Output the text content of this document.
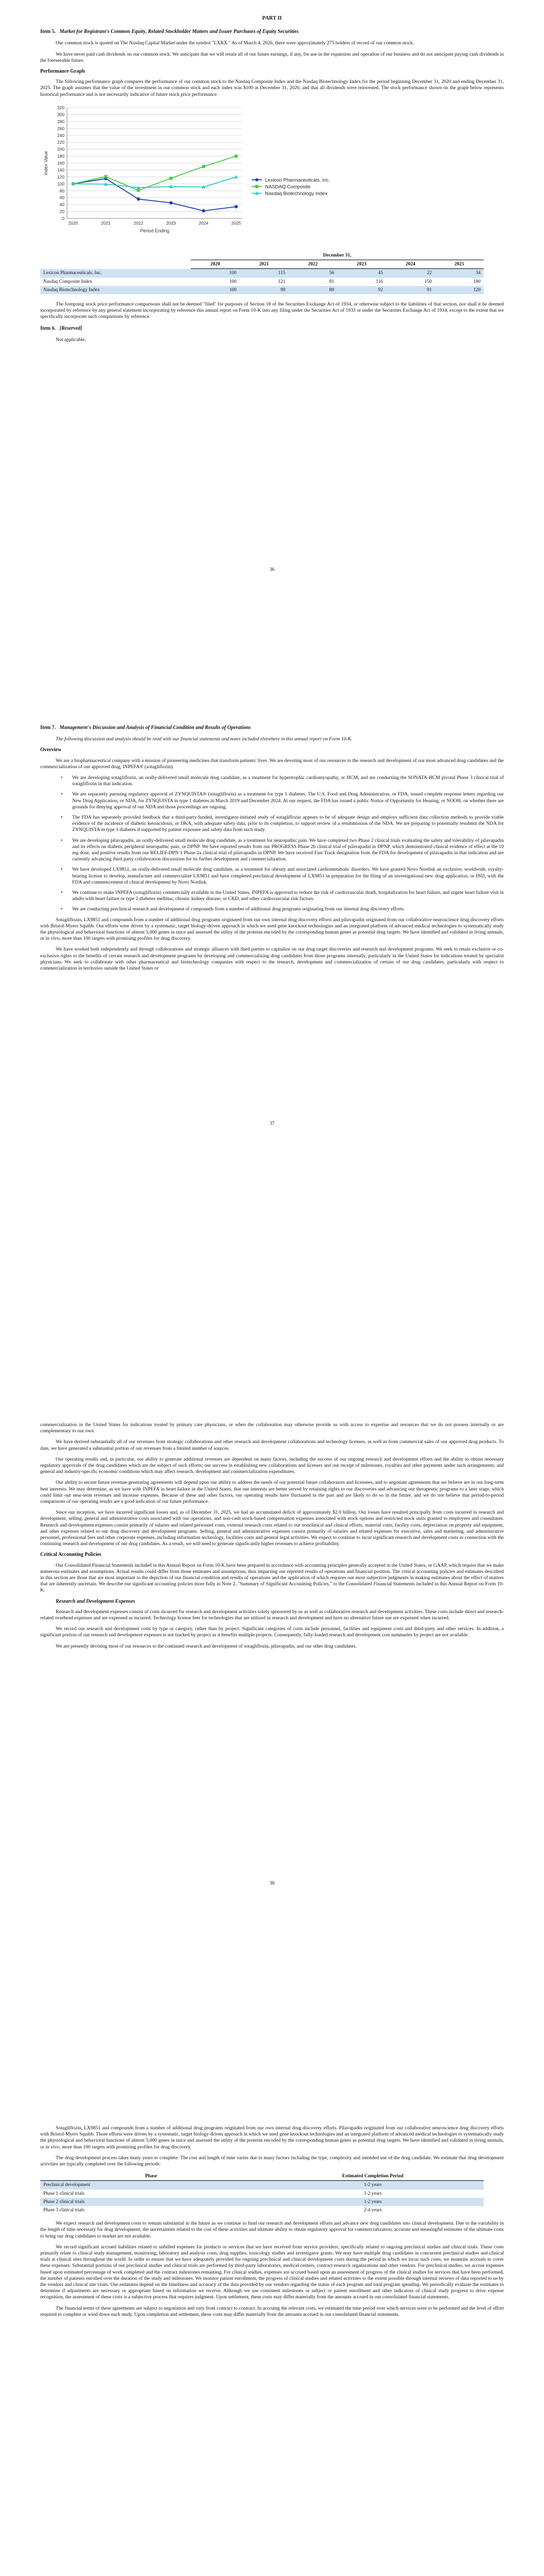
PART II
Item 5. Market for Registrant's Common Equity, Related Stockholder Matters and Issuer Purchases of Equity Securities

Our common stock is quoted on The Nasdaq Capital Market under the symbol "LXRX." As of March 4, 2026, there were approximately 275 holders of record of our common stock.

We have never paid cash dividends on our common stock. We anticipate that we will retain all of our future earnings, if any, for use in the expansion and operation of our business and do not anticipate paying cash dividends in the foreseeable future.

Performance Graph

The following performance graph compares the performance of our common stock to the Nasdaq Composite Index and the Nasdaq Biotechnology Index for the period beginning December 31, 2020 and ending December 31, 2025. The graph assumes that the value of the investment in our common stock and each index was $100 at December 31, 2020, and that all dividends were reinvested. The stock performance shown on the graph below represents historical performance and is not necessarily indicative of future stock price performance.

0
20
40
60
80
100
120
140
160
180
200
220
240
260
280
300
320
2020	2021	2022	2023	2024	2025
Period Ending
Index Value
Lexicon Pharmaceuticals, Inc.
NASDAQ Composite
Nasdaq Biotechnology Index
	December 31,					
	2020	2021	2022	2023	2024	2025
Lexicon Pharmaceuticals, Inc.	100	115	56	45	22	34
Nasdaq Composite Index	100	121	81	116	150	180
Nasdaq Biotechnology Index	100	99	89	92	91	120

The foregoing stock price performance comparisons shall not be deemed "filed" for purposes of Section 18 of the Securities Exchange Act of 1934, or otherwise subject to the liabilities of that section, nor shall it be deemed incorporated by reference by any general statement incorporating by reference this annual report on Form 10-K into any filing under the Securities Act of 1933 or under the Securities Exchange Act of 1934, except to the extent that we specifically incorporate such comparisons by reference.

Item 6. [Reserved]

Not applicable.

36
Item 7. Management's Discussion and Analysis of Financial Condition and Results of Operations

The following discussion and analysis should be read with our financial statements and notes included elsewhere in this annual report on Form 10-K.

Overview

We are a biopharmaceutical company with a mission of pioneering medicines that transform patients' lives. We are devoting most of our resources to the research and development of our most advanced drug candidates and the commercialization of our approved drug, INPEFA® (sotagliflozin).

• We are developing sotagliflozin, an orally-delivered small molecule drug candidate, as a treatment for hypertrophic cardiomyopathy, or HCM, and are conducting the SONATA-HCM pivotal Phase 3 clinical trial of sotagliflozin in that indication.
• We are separately pursuing regulatory approval of ZYNQUISTA® (sotagliflozin) as a treatment for type 1 diabetes. The U.S. Food and Drug Administration, or FDA, issued complete response letters regarding our New Drug Application, or NDA, for ZYNQUISTA in type 1 diabetes in March 2019 and December 2024. At our request, the FDA has issued a public Notice of Opportunity for Hearing, or NOOH, on whether there are grounds for denying approval of our NDA and those proceedings are ongoing.
• The FDA has separately provided feedback that a third-party-funded, investigator-initiated study of sotagliflozin appears to be of adequate design and employs sufficient data collection methods to provide viable evidence of the incidence of diabetic ketoacidosis, or DKA, with adequate safety data, prior to its completion, to support review of a resubmission of the NDA. We are preparing to potentially resubmit the NDA for ZYNQUISTA in type 1 diabetes if supported by patient exposure and safety data from such study.
• We are developing pilavapadin, an orally-delivered small molecule drug candidate, as a treatment for neuropathic pain. We have completed two Phase 2 clinical trials evaluating the safety and tolerability of pilavapadin and its effects on diabetic peripheral neuropathic pain, or DPNP. We have reported results from our PROGRESS Phase 2b clinical trial of pilavapadin in DPNP, which demonstrated clinical evidence of effect at the 10 mg dose, and positive results from our RELIEF-DPN 1 Phase 2a clinical trial of pilavapadin in DPNP. We have received Fast Track designation from the FDA for development of pilavapadin in that indication and are currently advancing third party collaboration discussions for its further development and commercialization.
• We have developed LX9851, an orally-delivered small molecule drug candidate, as a treatment for obesity and associated cardiometabolic disorders. We have granted Novo Nordisk an exclusive, worldwide, royalty-bearing license to develop, manufacture and commercialize LX9851 and have completed preclinical development of LX9851 in preparation for the filing of an investigational new drug application, or IND, with the FDA and commencement of clinical development by Novo Nordisk.
• We continue to make INPEFA (sotagliflozin) commercially available in the United States. INPEFA is approved to reduce the risk of cardiovascular death, hospitalization for heart failure, and urgent heart failure visit in adults with heart failure or type 2 diabetes mellitus, chronic kidney disease, or CKD, and other cardiovascular risk factors.
• We are conducting preclinical research and development of compounds from a number of additional drug programs originating from our internal drug discovery efforts.

Sotagliflozin, LX9851 and compounds from a number of additional drug programs originated from our own internal drug discovery efforts and pilavapadin originated from our collaborative neuroscience drug discovery efforts with Bristol-Myers Squibb. Our efforts were driven by a systematic, target biology-driven approach in which we used gene knockout technologies and an integrated platform of advanced medical technologies to systematically study the physiological and behavioral functions of almost 5,000 genes in mice and assessed the utility of the proteins encoded by the corresponding human genes as potential drug targets. We have identified and validated in living animals, or in vivo, more than 100 targets with promising profiles for drug discovery.

We have worked both independently and through collaborations and strategic alliances with third parties to capitalize on our drug target discoveries and research and development programs. We seek to retain exclusive or co-exclusive rights to the benefits of certain research and development programs by developing and commercializing drug candidates from those programs internally, particularly in the United States for indications treated by specialist physicians. We seek to collaborate with other pharmaceutical and biotechnology companies with respect to the research, development and commercialization of certain of our drug candidates, particularly with respect to commercialization in territories outside the United States or

37

commercialization in the United States for indications treated by primary care physicians, or when the collaboration may otherwise provide us with access to expertise and resources that we do not possess internally or are complementary to our own.

We have derived substantially all of our revenues from strategic collaborations and other research and development collaborations and technology licenses, as well as from commercial sales of our approved drug products. To date, we have generated a substantial portion of our revenues from a limited number of sources.

Our operating results and, in particular, our ability to generate additional revenues are dependent on many factors, including the success of our ongoing research and development efforts and the ability to obtain necessary regulatory approvals of the drug candidates which are the subject of such efforts; our success in establishing new collaborations and licenses and our receipt of milestones, royalties and other payments under such arrangements; and general and industry-specific economic conditions which may affect research, development and commercialization expenditures.

Our ability to secure future revenue-generating agreements will depend upon our ability to address the needs of our potential future collaborators and licensees, and to negotiate agreements that we believe are in our long-term best interests. We may determine, as we have with INPEFA in heart failure in the United States, that our interests are better served by retaining rights to our discoveries and advancing our therapeutic programs to a later stage, which could limit our near-term revenues and increase expenses. Because of these and other factors, our operating results have fluctuated in the past and are likely to do so in the future, and we do not believe that period-to-period comparisons of our operating results are a good indication of our future performance.

Since our inception, we have incurred significant losses and, as of December 31, 2025, we had an accumulated deficit of approximately $2.0 billion. Our losses have resulted principally from costs incurred in research and development, selling, general and administrative costs associated with our operations, and non-cash stock-based compensation expenses associated with stock options and restricted stock units granted to employees and consultants. Research and development expenses consist primarily of salaries and related personnel costs, external research costs related to our nonclinical and clinical efforts, material costs, facility costs, depreciation on property and equipment, and other expenses related to our drug discovery and development programs. Selling, general and administrative expenses consist primarily of salaries and related expenses for executive, sales and marketing, and administrative personnel, professional fees and other corporate expenses, including information technology, facilities costs and general legal activities. We expect to continue to incur significant research and development costs in connection with the continuing research and development of our drug candidates. As a result, we will need to generate significantly higher revenues to achieve profitability.

Critical Accounting Policies

Our Consolidated Financial Statements included in this Annual Report on Form 10-K have been prepared in accordance with accounting principles generally accepted in the United States, or GAAP, which require that we make numerous estimates and assumptions. Actual results could differ from those estimates and assumptions, thus impacting our reported results of operations and financial position. The critical accounting policies and estimates described in this section are those that are most important to the depiction of our financial condition and results of operations and the application of which requires our most subjective judgments in making estimates about the effect of matters that are inherently uncertain. We describe our significant accounting policies more fully in Note 2, "Summary of Significant Accounting Policies," to the Consolidated Financial Statements included in this Annual Report on Form 10-K.

Research and Development Expenses

Research and development expenses consist of costs incurred for research and development activities solely sponsored by us as well as collaborative research and development activities. These costs include direct and research-related overhead expenses and are expensed as incurred. Technology license fees for technologies that are utilized in research and development and have no alternative future use are expensed when incurred.

We record our research and development costs by type or category, rather than by project. Significant categories of costs include personnel, facilities and equipment costs and third-party and other services. In addition, a significant portion of our research and development expenses is not tracked by project as it benefits multiple projects. Consequently, fully-loaded research and development cost summaries by project are not available.

We are presently devoting most of our resources to the continued research and development of sotagliflozin, pilavapadin, and our other drug candidates.

38

Sotagliflozin, LX9851 and compounds from a number of additional drug programs originated from our own internal drug discovery efforts. Pilavapadin originated from our collaborative neuroscience drug discovery efforts with Bristol-Myers Squibb. Those efforts were driven by a systematic, target biology-driven approach in which we used gene knockout technologies and an integrated platform of advanced medical technologies to systematically study the physiological and behavioral functions of almost 5,000 genes in mice and assessed the utility of the proteins encoded by the corresponding human genes as potential drug targets. We have identified and validated in living animals, or in vivo, more than 100 targets with promising profiles for drug discovery.

The drug development process takes many years to complete. The cost and length of time varies due to many factors including the type, complexity and intended use of the drug candidate. We estimate that drug development activities are typically completed over the following periods:

Phase	Estimated Completion Period
Preclinical development	1-2 years
Phase 1 clinical trials	1-2 years
Phase 2 clinical trials	1-2 years
Phase 3 clinical trials	2-4 years

We expect research and development costs to remain substantial in the future as we continue to fund our research and development efforts and advance new drug candidates into clinical development. Due to the variability in the length of time necessary for drug development, the uncertainties related to the cost of these activities and ultimate ability to obtain regulatory approval for commercialization, accurate and meaningful estimates of the ultimate costs to bring our drug candidates to market are not available.

We record significant accrued liabilities related to unbilled expenses for products or services that we have received from service providers, specifically related to ongoing preclinical studies and clinical trials. These costs primarily relate to clinical study management, monitoring, laboratory and analysis costs, drug supplies, toxicology studies and investigator grants. We may have multiple drug candidates in concurrent preclinical studies and clinical trials at clinical sites throughout the world. In order to ensure that we have adequately provided for ongoing preclinical and clinical development costs during the period in which we incur such costs, we maintain accruals to cover these expenses. Substantial portions of our preclinical studies and clinical trials are performed by third-party laboratories, medical centers, contract research organizations and other vendors. For preclinical studies, we accrue expenses based upon estimated percentage of work completed and the contract milestones remaining. For clinical studies, expenses are accrued based upon an assessment of progress of the clinical studies for services that have been performed, the number of patients enrolled over the duration of the study and milestones. We monitor patient enrollment, the progress of clinical studies and related activities to the extent possible through internal reviews of data reported to us by the vendors and clinical site visits. Our estimates depend on the timeliness and accuracy of the data provided by our vendors regarding the status of each program and total program spending. We periodically evaluate the estimates to determine if adjustments are necessary or appropriate based on information we receive. Although we use consistent milestones or subject or patient enrollment and other indicators of clinical study progress to drive expense recognition, the assessment of these costs is a subjective process that requires judgment. Upon settlement, these costs may differ materially from the amounts accrued in our consolidated financial statements.

The financial terms of these agreements are subject to negotiation and vary from contract to contract. In accruing the relevant costs, we estimated the time period over which services were to be performed and the level of effort required to complete or wind down each study. Upon completion and settlement, these costs may differ materially from the amounts accrued in our consolidated financial statements.
